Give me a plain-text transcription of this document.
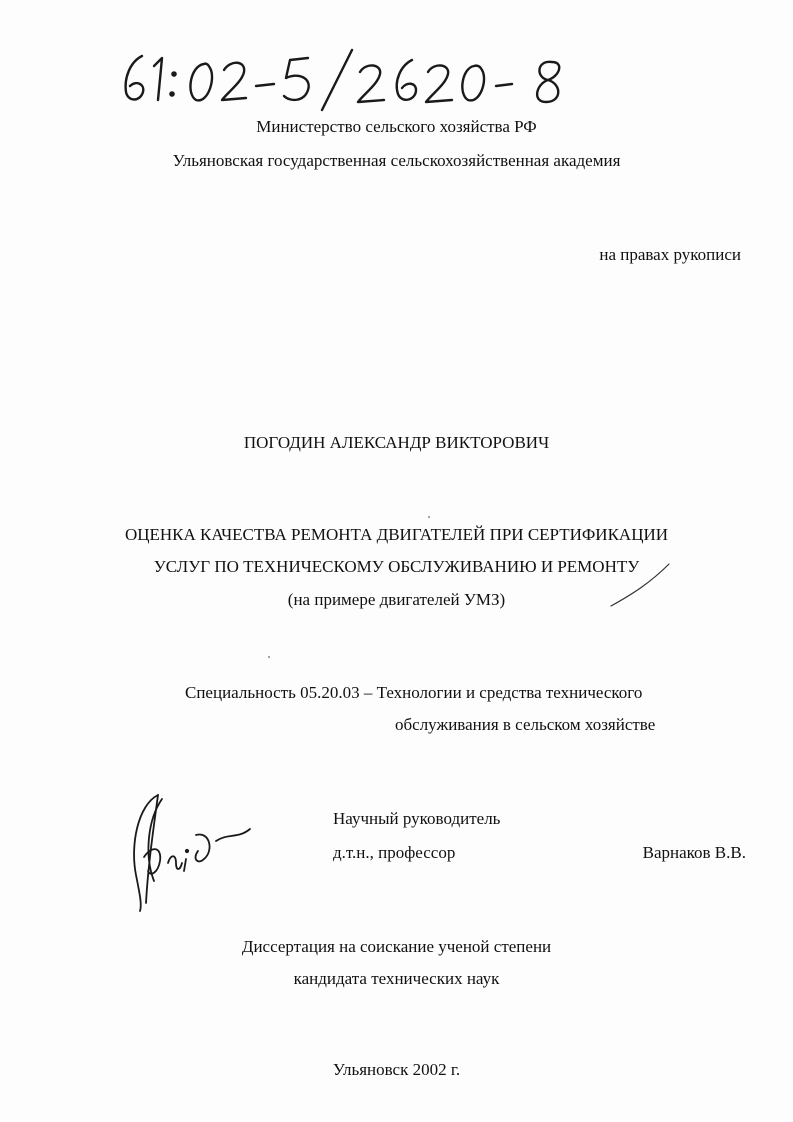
Министерство сельского хозяйства РФ
Ульяновская государственная сельскохозяйственная академия
на правах рукописи
ПОГОДИН АЛЕКСАНДР ВИКТОРОВИЧ
ОЦЕНКА КАЧЕСТВА РЕМОНТА ДВИГАТЕЛЕЙ ПРИ СЕРТИФИКАЦИИ
УСЛУГ ПО ТЕХНИЧЕСКОМУ ОБСЛУЖИВАНИЮ И РЕМОНТУ
(на примере двигателей УМЗ)
Специальность 05.20.03 – Технологии и средства технического
обслуживания в сельском хозяйстве
Научный руководитель
д.т.н., профессор	Варнаков В.В.
Диссертация на соискание ученой степени
кандидата технических наук
Ульяновск 2002 г.
